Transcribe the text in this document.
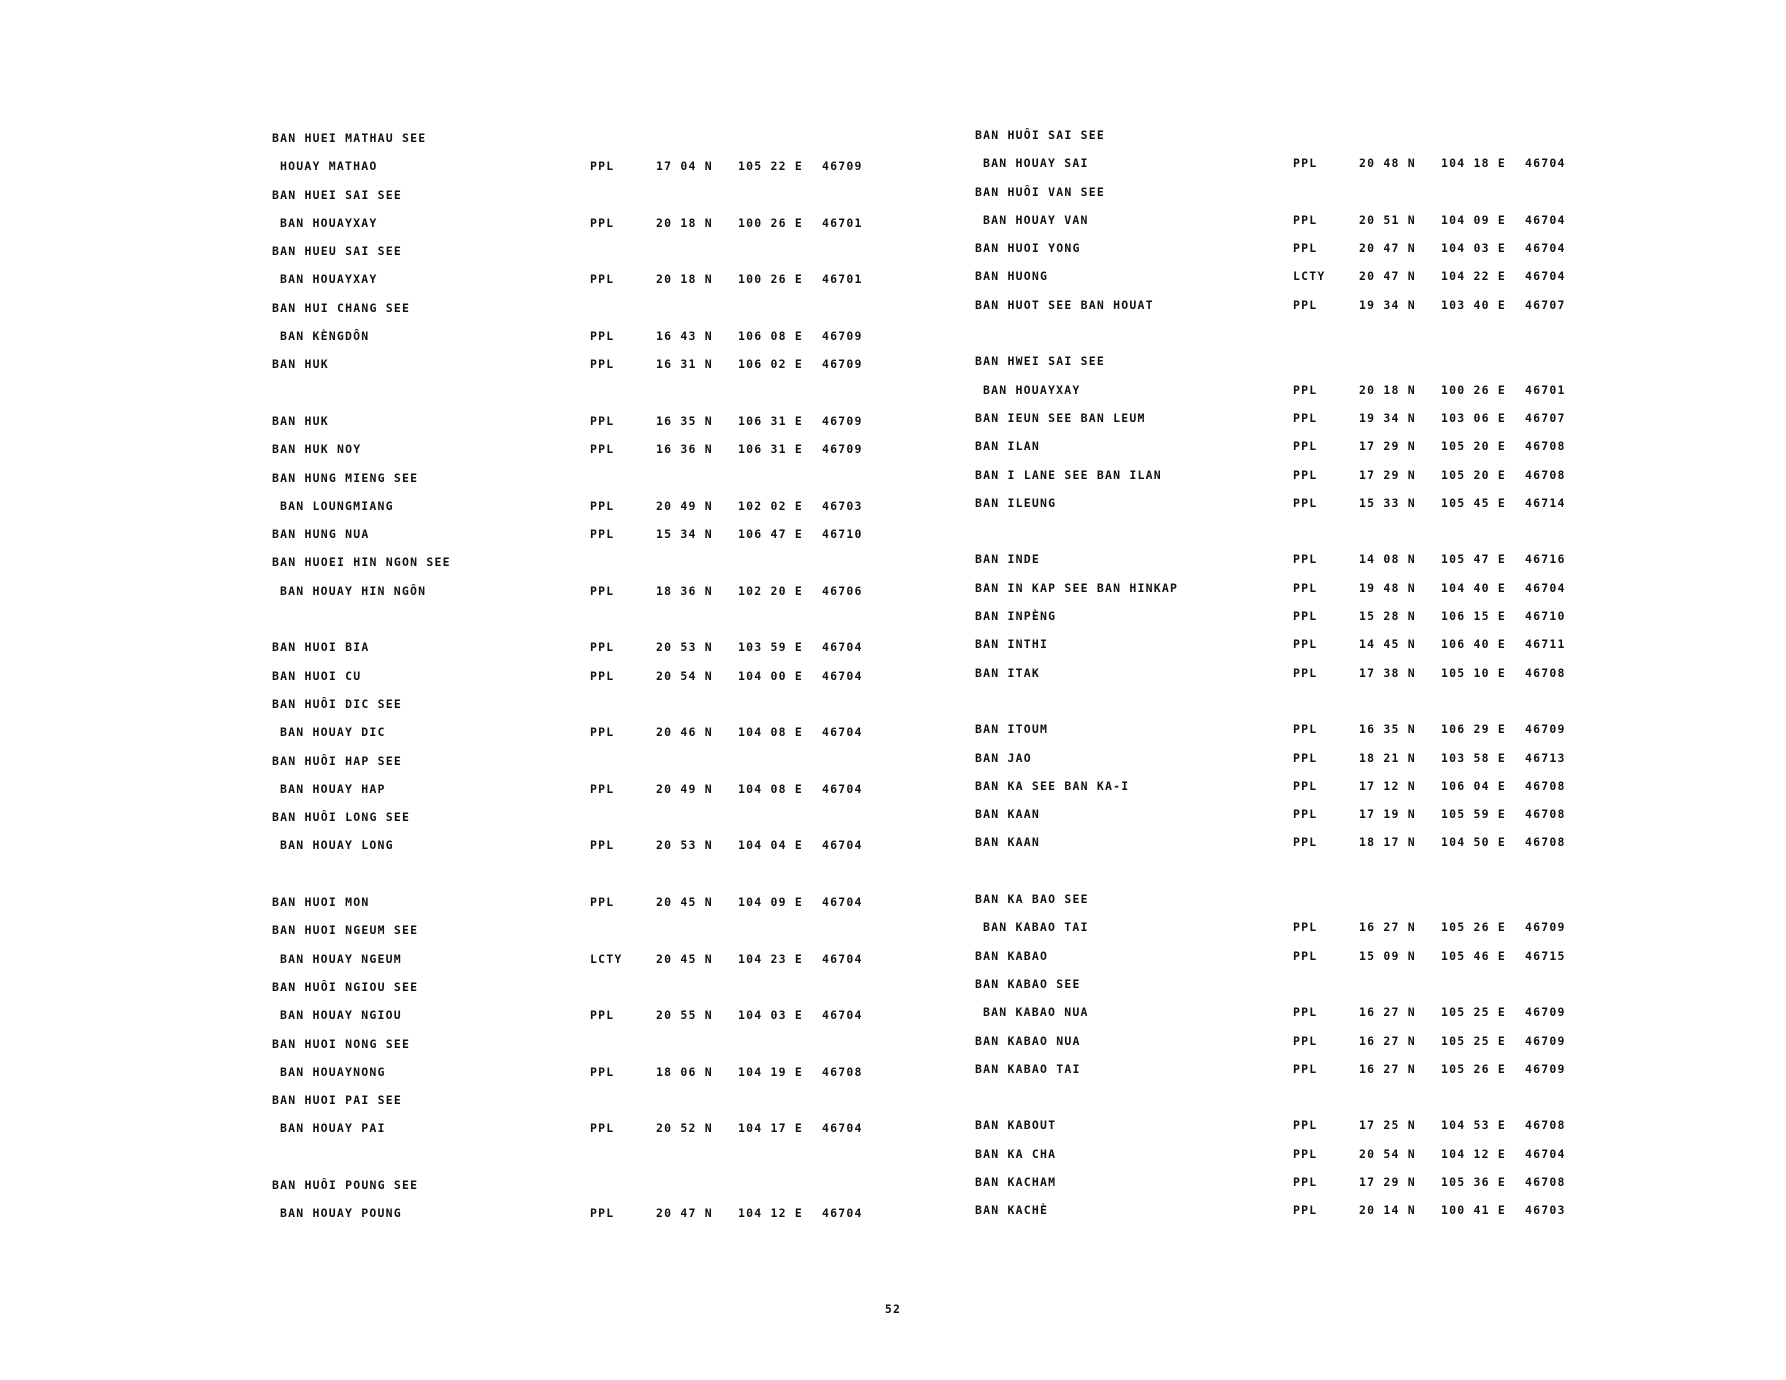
BAN HUEI MATHAU SEE
HOUAY MATHAO	PPL	17 04 N 105 22 E 46709
BAN HUEI SAI SEE
BAN HOUAYXAY	PPL	20 18 N 100 26 E 46701
BAN HUEU SAI SEE
BAN HOUAYXAY	PPL	20 18 N 100 26 E 46701
BAN HUI CHANG SEE
BAN KÈNGDÔN	PPL	16 43 N 106 08 E 46709
BAN HUK	PPL	16 31 N 106 02 E 46709
BAN HUK	PPL	16 35 N 106 31 E 46709
BAN HUK NOY	PPL	16 36 N 106 31 E 46709
BAN HUNG MIENG SEE
BAN LOUNGMIANG	PPL	20 49 N 102 02 E 46703
BAN HUNG NUA	PPL	15 34 N 106 47 E 46710
BAN HUOEI HIN NGON SEE
BAN HOUAY HIN NGÔN	PPL	18 36 N 102 20 E 46706
BAN HUOI BIA	PPL	20 53 N 103 59 E 46704
BAN HUOI CU	PPL	20 54 N 104 00 E 46704
BAN HUÔI DIC SEE
BAN HOUAY DIC	PPL	20 46 N 104 08 E 46704
BAN HUÔI HAP SEE
BAN HOUAY HAP	PPL	20 49 N 104 08 E 46704
BAN HUÔI LONG SEE
BAN HOUAY LONG	PPL	20 53 N 104 04 E 46704
BAN HUOI MON	PPL	20 45 N 104 09 E 46704
BAN HUOI NGEUM SEE
BAN HOUAY NGEUM	LCTY	20 45 N 104 23 E 46704
BAN HUÔI NGIOU SEE
BAN HOUAY NGIOU	PPL	20 55 N 104 03 E 46704
BAN HUOI NONG SEE
BAN HOUAYNONG	PPL	18 06 N 104 19 E 46708
BAN HUOI PAI SEE
BAN HOUAY PAI	PPL	20 52 N 104 17 E 46704
BAN HUÔI POUNG SEE
BAN HOUAY POUNG	PPL	20 47 N 104 12 E 46704
BAN HUÔI SAI SEE
BAN HOUAY SAI	PPL	20 48 N 104 18 E 46704
BAN HUÔI VAN SEE
BAN HOUAY VAN	PPL	20 51 N 104 09 E 46704
BAN HUOI YONG	PPL	20 47 N 104 03 E 46704
BAN HUONG	LCTY	20 47 N 104 22 E 46704
BAN HUOT SEE BAN HOUAT	PPL	19 34 N 103 40 E 46707
BAN HWEI SAI SEE
BAN HOUAYXAY	PPL	20 18 N 100 26 E 46701
BAN IEUN SEE BAN LEUM	PPL	19 34 N 103 06 E 46707
BAN ILAN	PPL	17 29 N 105 20 E 46708
BAN I LANE SEE BAN ILAN	PPL	17 29 N 105 20 E 46708
BAN ILEUNG	PPL	15 33 N 105 45 E 46714
BAN INDE	PPL	14 08 N 105 47 E 46716
BAN IN KAP SEE BAN HINKAP	PPL	19 48 N 104 40 E 46704
BAN INPÈNG	PPL	15 28 N 106 15 E 46710
BAN INTHI	PPL	14 45 N 106 40 E 46711
BAN ITAK	PPL	17 38 N 105 10 E 46708
BAN ITOUM	PPL	16 35 N 106 29 E 46709
BAN JAO	PPL	18 21 N 103 58 E 46713
BAN KA SEE BAN KA-I	PPL	17 12 N 106 04 E 46708
BAN KAAN	PPL	17 19 N 105 59 E 46708
BAN KAAN	PPL	18 17 N 104 50 E 46708
BAN KA BAO SEE
BAN KABAO TAI	PPL	16 27 N 105 26 E 46709
BAN KABAO	PPL	15 09 N 105 46 E 46715
BAN KABAO SEE
BAN KABAO NUA	PPL	16 27 N 105 25 E 46709
BAN KABAO NUA	PPL	16 27 N 105 25 E 46709
BAN KABAO TAI	PPL	16 27 N 105 26 E 46709
BAN KABOUT	PPL	17 25 N 104 53 E 46708
BAN KA CHA	PPL	20 54 N 104 12 E 46704
BAN KACHAM	PPL	17 29 N 105 36 E 46708
BAN KACHÈ	PPL	20 14 N 100 41 E 46703
52
